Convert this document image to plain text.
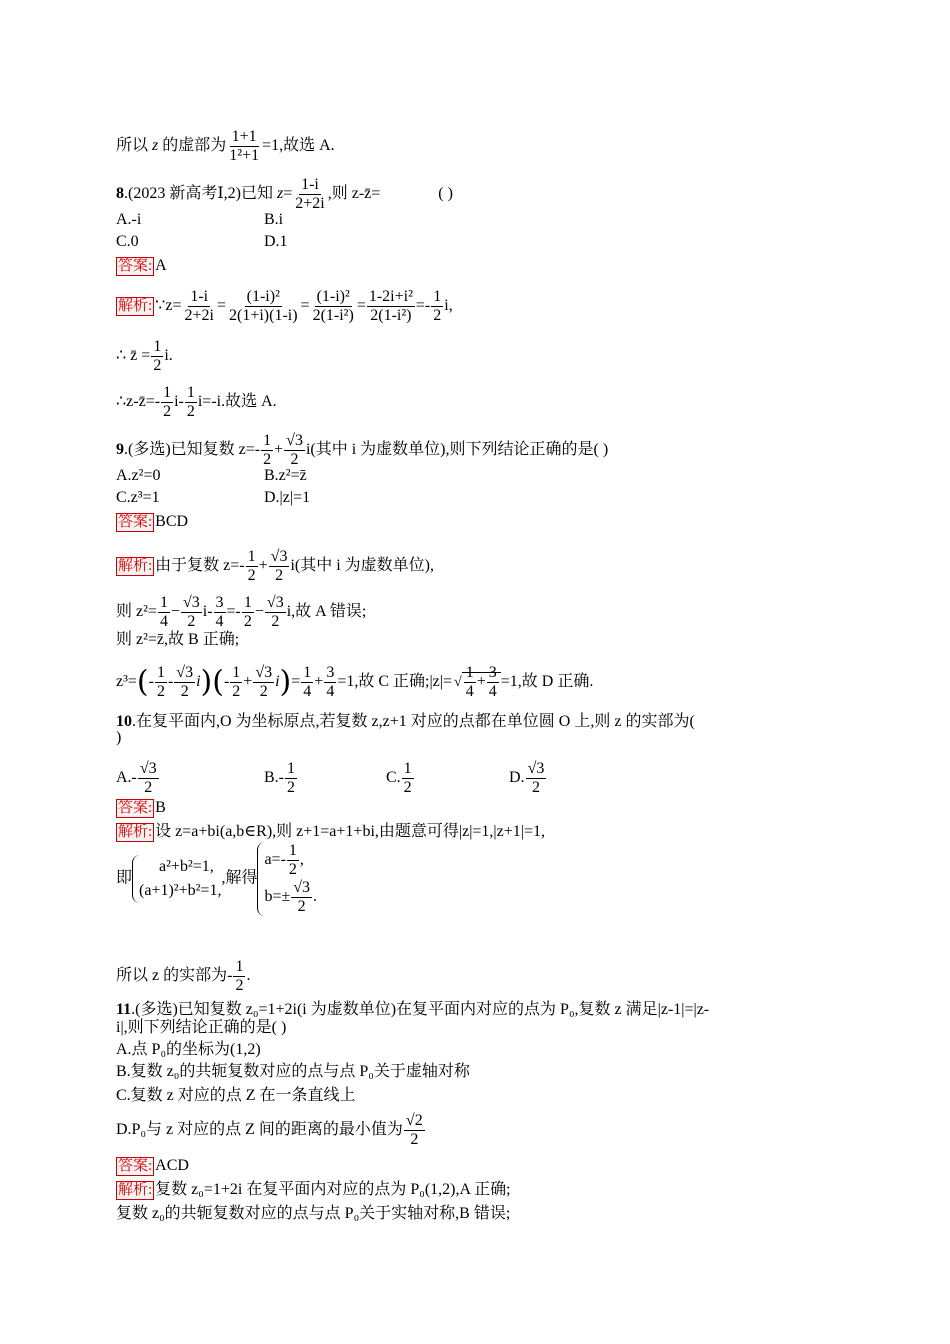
所以 z 的虚部为 $\frac{1+1}{\text{1²+1}} =1$,故选 A.
8.(2023 新高考Ⅰ,2)已知 $z= \frac{1-i}{2+2i}$ ,则 z-z̄=	( )
A.-i	B.i
C.0	D.1
答案: A
解析: ∵z= $\frac{1-i}{2+2i} = \frac{\text{(1-i)²}}{2(1+i)(1-i)} = \frac{\text{(1-i)²}}{\text{2(1-i²)}} = \frac{\text{1-2i+i²}}{\text{2(1-i²)}} =- \frac{1}{2} i$,
∴ z̄ = $\frac{1}{2} i$.
∴z-z̄=- $\frac{1}{2} i- \frac{1}{2} i=-i$.故选 A.
9.(多选)已知复数 $z=- \frac{1}{2} + \frac{√3}{2} i$(其中 i 为虚数单位),则下列结论正确的是( )
A.z²=0	B.z²=z̄
C.z³=1	D.|z|=1
答案: BCD
解析: 由于复数 $z=- \frac{1}{2} + \frac{√3}{2} i$(其中 i 为虚数单位),
则 $z^2= \frac{1}{4} - \frac{√3}{2} i- \frac{3}{4} =- \frac{1}{2} - \frac{√3}{2} i$,故 A 错误;
则 z²=z̄,故 B 正确;
$z^3=(- \frac{1}{2} - \frac{√3}{2} i)(- \frac{1}{2} + \frac{√3}{2} i)= \frac{1}{4} + \frac{3}{4} =1$,故 C 正确;|z|= √ $\frac{1}{4} + \frac{3}{4} =1$,故 D 正确.
10.在复平面内,O 为坐标原点,若复数 z,z+1 对应的点都在单位圆 O 上,则 z 的实部为(
)
$A.- \frac{√3}{2}$	$B.- \frac{1}{2}$	C. $\frac{1}{2}$	D. $\frac{√3}{2}$
答案: B
解析: 设 z=a+bi(a,b∈R),则 z+1=a+1+bi,由题意可得|z|=1,|z+1|=1,
即
a²+b²=1,
(a+1)²+b²=1,
,解得
$a=- \frac{1}{2}$ ,
$b=\pm \frac{√3}{2}$ .
所以 z 的实部为- $\frac{1}{2}$ .
11.(多选)已知复数 z₀=1+2i(i 为虚数单位)在复平面内对应的点为 P₀,复数 z 满足|z-1|=|z-
i|,则下列结论正确的是( )
A.点 P₀的坐标为(1,2)
B.复数 z₀的共轭复数对应的点与点 P₀关于虚轴对称
C.复数 z 对应的点 Z 在一条直线上
D.P₀与 z 对应的点 Z 间的距离的最小值为 $\frac{√2}{2}$
答案: ACD
解析: 复数 z₀=1+2i 在复平面内对应的点为 P₀(1,2),A 正确;
复数 z₀的共轭复数对应的点与点 P₀关于实轴对称,B 错误;
